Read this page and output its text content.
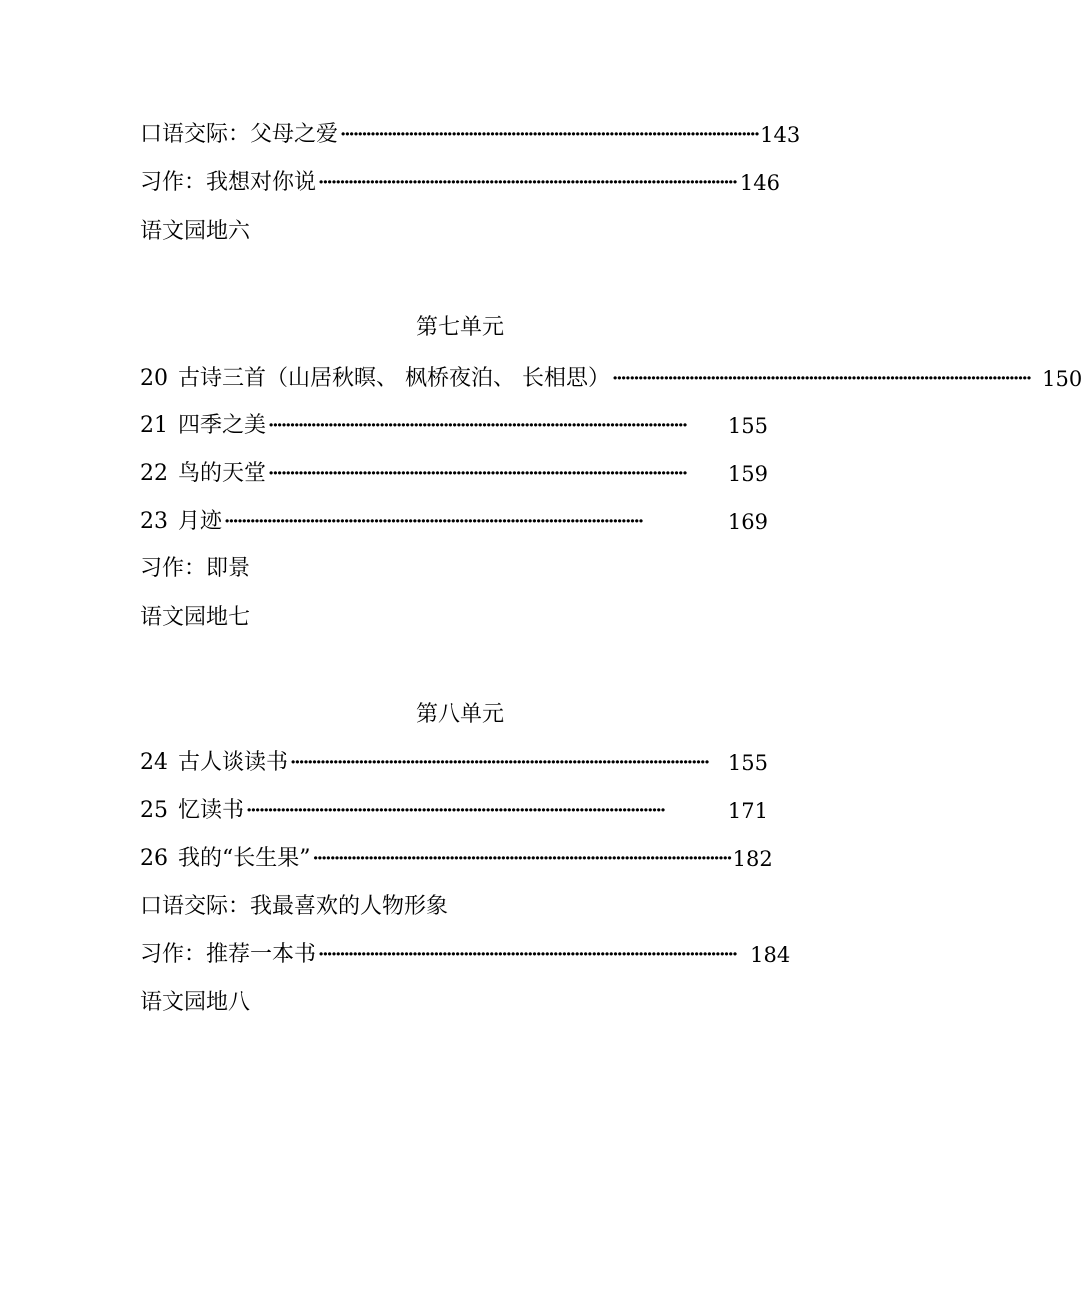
口语交际：父母之爱 ·································································································· 143
习作：我想对你说 ·································································································· 146
语文园地六
第七单元
20 古诗三首（山居秋暝、 枫桥夜泊、 长相思） ·································································································· 150
21 四季之美 ··································································································	155
22 鸟的天堂 ··································································································	159
23 月迹 ··································································································	169
习作：即景
语文园地七
第八单元
24 古人谈读书 ·································································································· 155
25 忆读书 ··································································································	171
26 我的“长生果” ·································································································· 182
口语交际：我最喜欢的人物形象
习作：推荐一本书 ·································································································· 184
语文园地八
